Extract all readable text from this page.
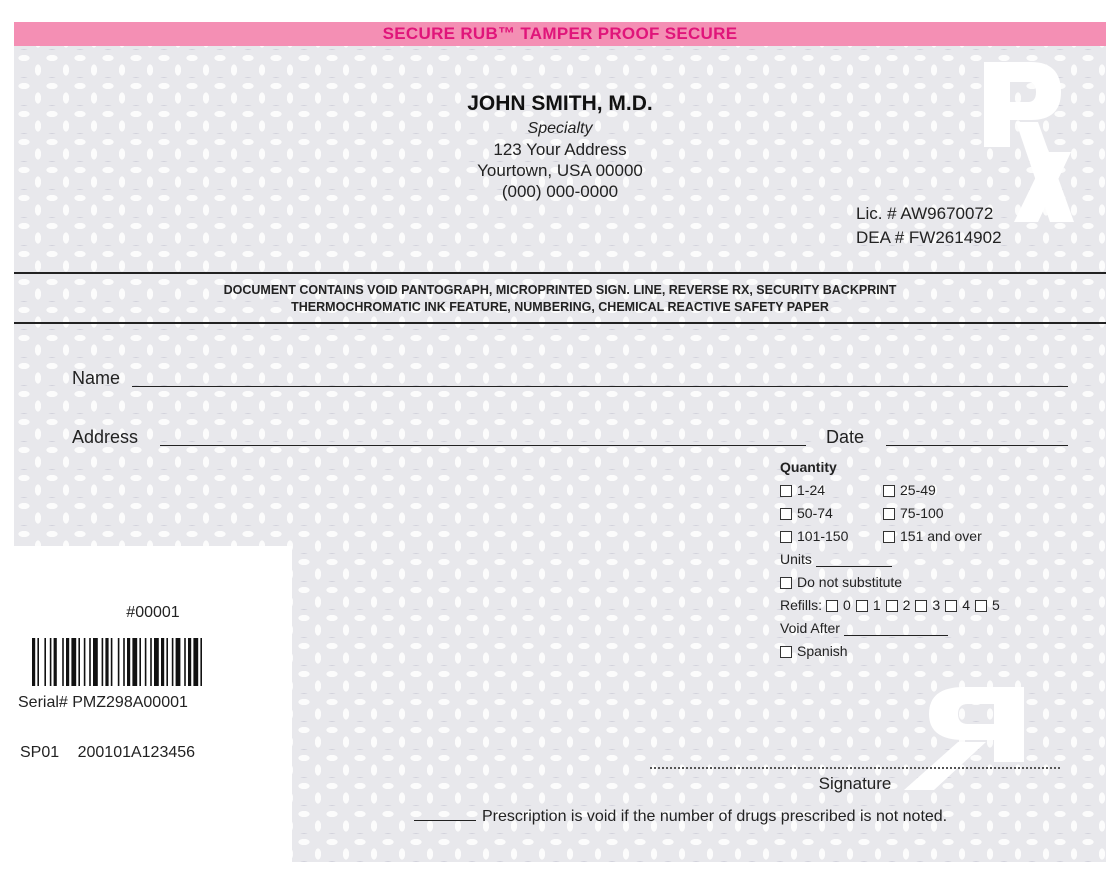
SECURE RUB™ TAMPER PROOF SECURE
JOHN SMITH, M.D.
Specialty
123 Your Address
Yourtown, USA 00000
(000) 000-0000
Lic. # AW9670072
DEA # FW2614902
DOCUMENT CONTAINS VOID PANTOGRAPH, MICROPRINTED SIGN. LINE, REVERSE RX, SECURITY BACKPRINT
THERMOCHROMATIC INK FEATURE, NUMBERING, CHEMICAL REACTIVE SAFETY PAPER
Name
Address	Date
Quantity
1-24	25-49
50-74	75-100
101-150	151 and over
Units
Do not substitute
Refills: 0 1 2 3 4 5
Void After
Spanish
#00001
Serial# PMZ298A00001
SP01 200101A123456
Signature
Prescription is void if the number of drugs prescribed is not noted.
